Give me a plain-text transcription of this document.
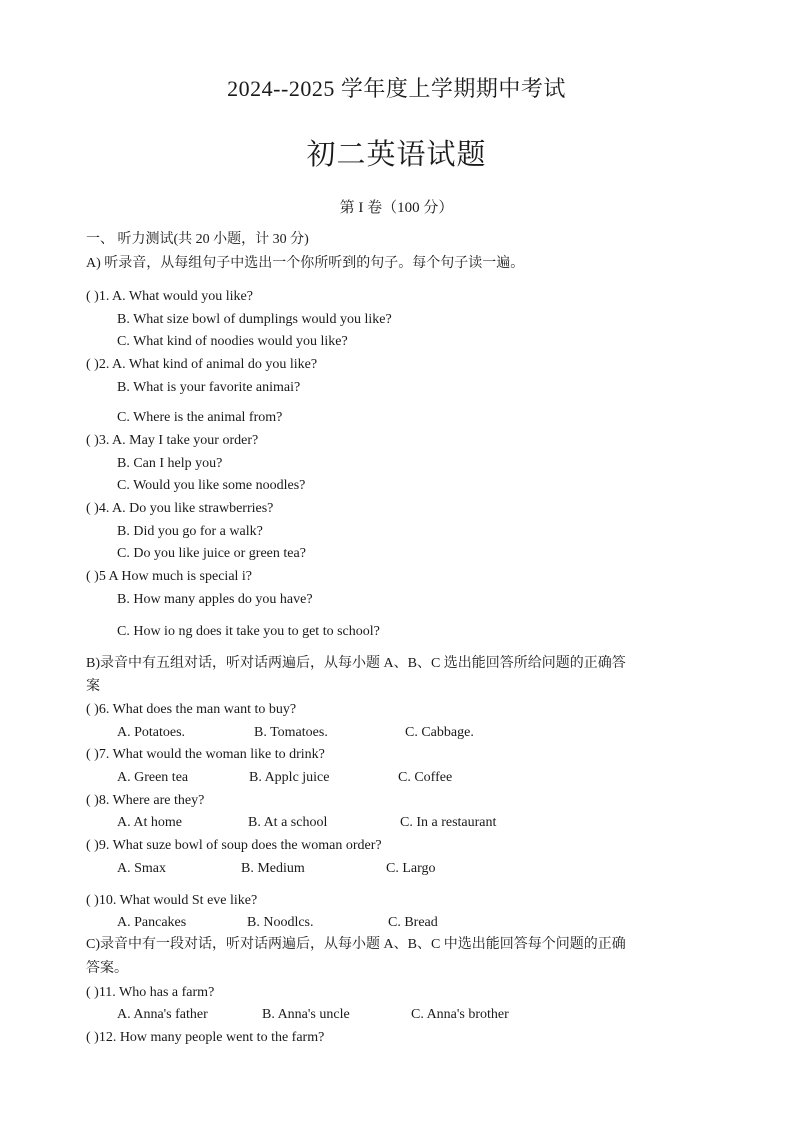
2024--2025 学年度上学期期中考试
初二英语试题
第 I 卷（100 分）
一、 听力测试(共 20 小题，计 30 分)
A) 听录音，从每组句子中选出一个你所听到的句子。每个句子读一遍。
( )1. A. What would you like?
B. What size bowl of dumplings would you like?
C. What kind of noodies would you like?
( )2. A. What kind of animal do you like?
B. What is your favorite animai?
C. Where is the animal from?
( )3. A. May I take your order?
B. Can I help you?
C. Would you like some noodles?
( )4. A. Do you like strawberries?
B. Did you go for a walk?
C. Do you like juice or green tea?
( )5 A How much is special i?
B. How many apples do you have?
C. How io ng does it take you to get to school?
B)录音中有五组对话，听对话两遍后，从每小题 A、B、C 选出能回答所给问题的正确答
案
( )6. What does the man want to buy?
A. Potatoes.	B. Tomatoes.	C. Cabbage.
( )7. What would the woman like to drink?
A. Green tea	B. Applc juice	C. Coffee
( )8. Where are they?
A. At home	B. At a school	C. In a restaurant
( )9. What suze bowl of soup does the woman order?
A. Smax	B. Medium	C. Largo
( )10. What would St eve like?
A. Pancakes	B. Noodlcs.	C. Bread
C)录音中有一段对话，听对话两遍后，从每小题 A、B、C 中选出能回答每个问题的正确
答案。
( )11. Who has a farm?
A. Anna's father	B. Anna's uncle	C. Anna's brother
( )12. How many people went to the farm?
